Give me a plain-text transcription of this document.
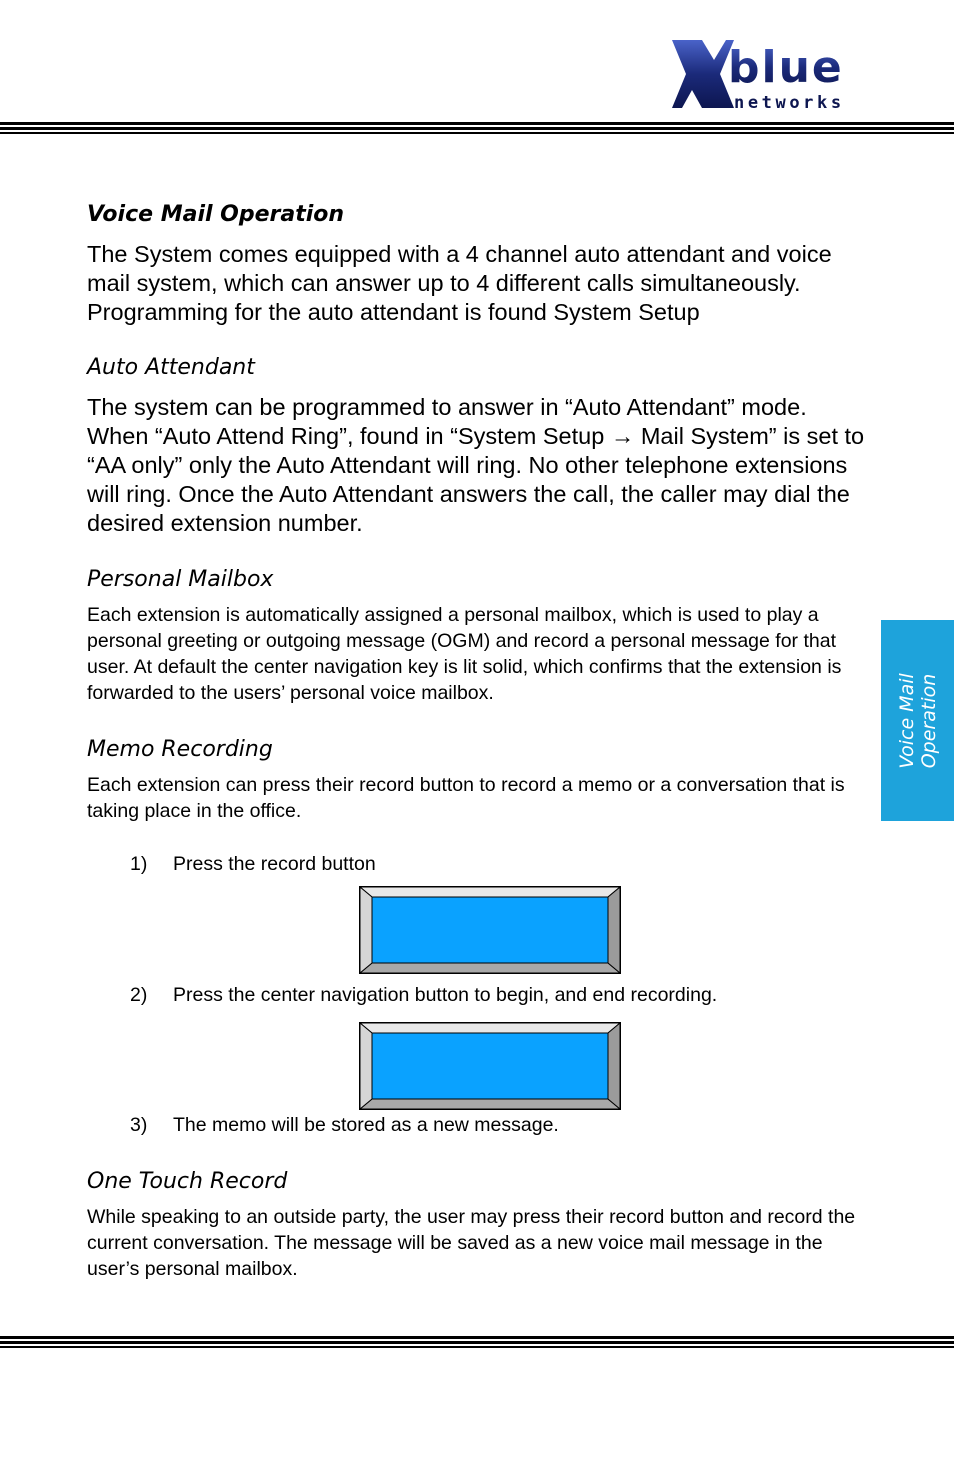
blue
networks
Voice Mail Operation
Voice Mail Operation

The System comes equipped with a 4 channel auto attendant and voice mail system, which can answer up to 4 different calls simultaneously. Programming for the auto attendant is found System Setup

Auto Attendant

The system can be programmed to answer in “Auto Attendant” mode. When “Auto Attend Ring”, found in “System Setup → Mail System” is set to “AA only” only the Auto Attendant will ring. No other telephone extensions will ring. Once the Auto Attendant answers the call, the caller may dial the desired extension number.

Personal Mailbox

Each extension is automatically assigned a personal mailbox, which is used to play a personal greeting or outgoing message (OGM) and record a personal message for that user. At default the center navigation key is lit solid, which confirms that the extension is forwarded to the users’ personal voice mailbox.

Memo Recording

Each extension can press their record button to record a memo or a conversation that is taking place in the office.

1) Press the record button

2) Press the center navigation button to begin, and end recording.

3) The memo will be stored as a new message.

One Touch Record

While speaking to an outside party, the user may press their record button and record the current conversation. The message will be saved as a new voice mail message in the user’s personal mailbox.
